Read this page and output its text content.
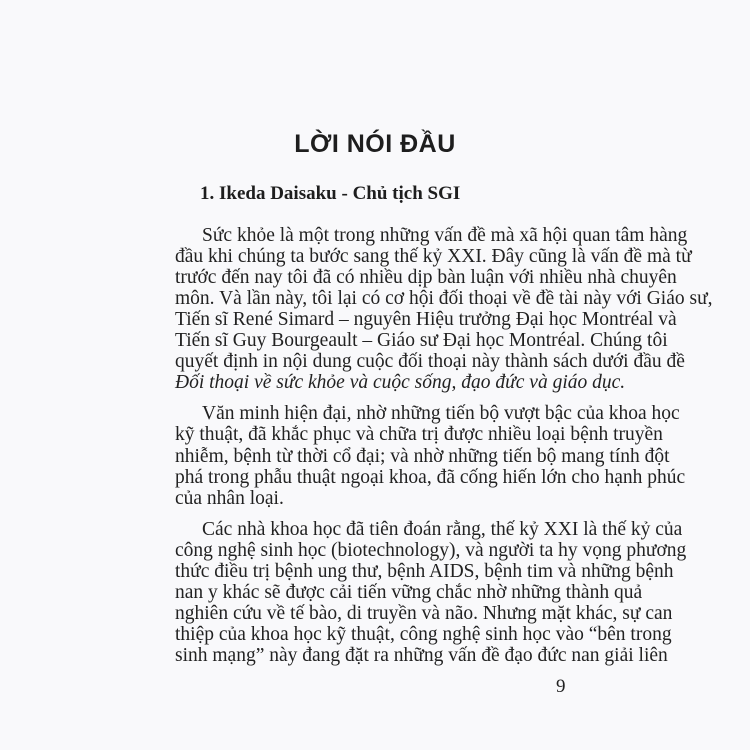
LỜI NÓI ĐẦU
1. Ikeda Daisaku - Chủ tịch SGI
Sức khỏe là một trong những vấn đề mà xã hội quan tâm hàng
đầu khi chúng ta bước sang thế kỷ XXI. Đây cũng là vấn đề mà từ
trước đến nay tôi đã có nhiều dịp bàn luận với nhiều nhà chuyên
môn. Và lần này, tôi lại có cơ hội đối thoại về đề tài này với Giáo sư,
Tiến sĩ René Simard – nguyên Hiệu trưởng Đại học Montréal và
Tiến sĩ Guy Bourgeault – Giáo sư Đại học Montréal. Chúng tôi
quyết định in nội dung cuộc đối thoại này thành sách dưới đầu đề
Đối thoại về sức khỏe và cuộc sống, đạo đức và giáo dục.
Văn minh hiện đại, nhờ những tiến bộ vượt bậc của khoa học
kỹ thuật, đã khắc phục và chữa trị được nhiều loại bệnh truyền
nhiễm, bệnh từ thời cổ đại; và nhờ những tiến bộ mang tính đột
phá trong phẫu thuật ngoại khoa, đã cống hiến lớn cho hạnh phúc
của nhân loại.
Các nhà khoa học đã tiên đoán rằng, thế kỷ XXI là thế kỷ của
công nghệ sinh học (biotechnology), và người ta hy vọng phương
thức điều trị bệnh ung thư, bệnh AIDS, bệnh tim và những bệnh
nan y khác sẽ được cải tiến vững chắc nhờ những thành quả
nghiên cứu về tế bào, di truyền và não. Nhưng mặt khác, sự can
thiệp của khoa học kỹ thuật, công nghệ sinh học vào “bên trong
sinh mạng” này đang đặt ra những vấn đề đạo đức nan giải liên
9
